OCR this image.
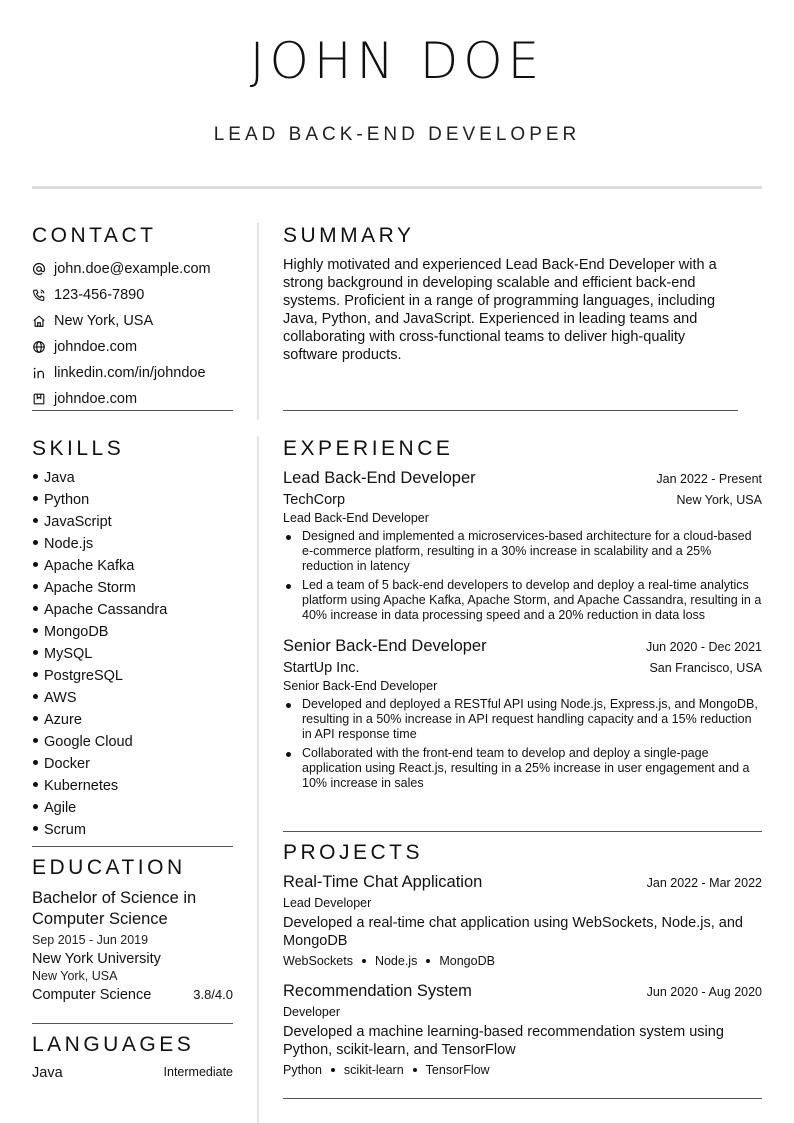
JOHN DOE
LEAD BACK-END DEVELOPER
CONTACT
john.doe@example.com
123-456-7890
New York, USA
johndoe.com
linkedin.com/in/johndoe
johndoe.com
SUMMARY
Highly motivated and experienced Lead Back-End Developer with a strong background in developing scalable and efficient back-end systems. Proficient in a range of programming languages, including Java, Python, and JavaScript. Experienced in leading teams and collaborating with cross-functional teams to deliver high-quality software products.
SKILLS
Java
Python
JavaScript
Node.js
Apache Kafka
Apache Storm
Apache Cassandra
MongoDB
MySQL
PostgreSQL
AWS
Azure
Google Cloud
Docker
Kubernetes
Agile
Scrum
EDUCATION
Bachelor of Science in Computer Science
Sep 2015 - Jun 2019
New York University
New York, USA
Computer Science	3.8/4.0
LANGUAGES
Java	Intermediate
EXPERIENCE
Lead Back-End Developer	Jan 2022 - Present
TechCorp	New York, USA
Lead Back-End Developer
Designed and implemented a microservices-based architecture for a cloud-based e-commerce platform, resulting in a 30% increase in scalability and a 25% reduction in latency
Led a team of 5 back-end developers to develop and deploy a real-time analytics platform using Apache Kafka, Apache Storm, and Apache Cassandra, resulting in a 40% increase in data processing speed and a 20% reduction in data loss
Senior Back-End Developer	Jun 2020 - Dec 2021
StartUp Inc.	San Francisco, USA
Senior Back-End Developer
Developed and deployed a RESTful API using Node.js, Express.js, and MongoDB, resulting in a 50% increase in API request handling capacity and a 15% reduction in API response time
Collaborated with the front-end team to develop and deploy a single-page application using React.js, resulting in a 25% increase in user engagement and a 10% increase in sales
PROJECTS
Real-Time Chat Application	Jan 2022 - Mar 2022
Lead Developer
Developed a real-time chat application using WebSockets, Node.js, and MongoDB
WebSockets Node.js MongoDB
Recommendation System	Jun 2020 - Aug 2020
Developer
Developed a machine learning-based recommendation system using Python, scikit-learn, and TensorFlow
Python scikit-learn TensorFlow
